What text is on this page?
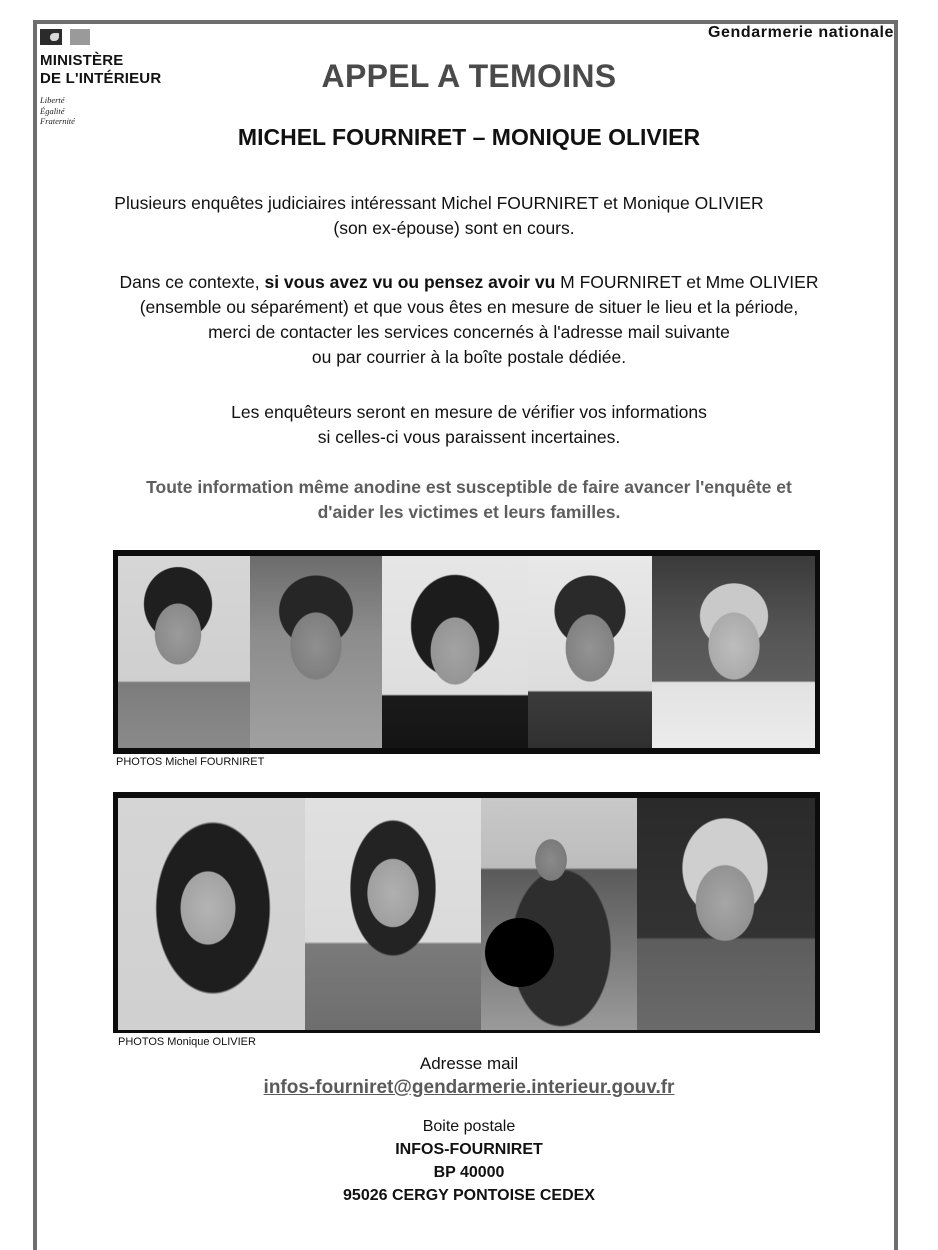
MINISTÈRE
DE L'INTÉRIEUR
Liberté
Égalité
Fraternité
Gendarmerie nationale
APPEL A TEMOINS
MICHEL FOURNIRET – MONIQUE OLIVIER
Plusieurs enquêtes judiciaires intéressant Michel FOURNIRET et Monique OLIVIER
(son ex-épouse) sont en cours.
Dans ce contexte, si vous avez vu ou pensez avoir vu M FOURNIRET et Mme OLIVIER
(ensemble ou séparément) et que vous êtes en mesure de situer le lieu et la période,
merci de contacter les services concernés à l'adresse mail suivante
ou par courrier à la boîte postale dédiée.
Les enquêteurs seront en mesure de vérifier vos informations
si celles-ci vous paraissent incertaines.
Toute information même anodine est susceptible de faire avancer l'enquête et
d'aider les victimes et leurs familles.
PHOTOS Michel FOURNIRET
PHOTOS Monique OLIVIER
Adresse mail
infos-fourniret@gendarmerie.interieur.gouv.fr
Boite postale
INFOS-FOURNIRET
BP 40000
95026 CERGY PONTOISE CEDEX
